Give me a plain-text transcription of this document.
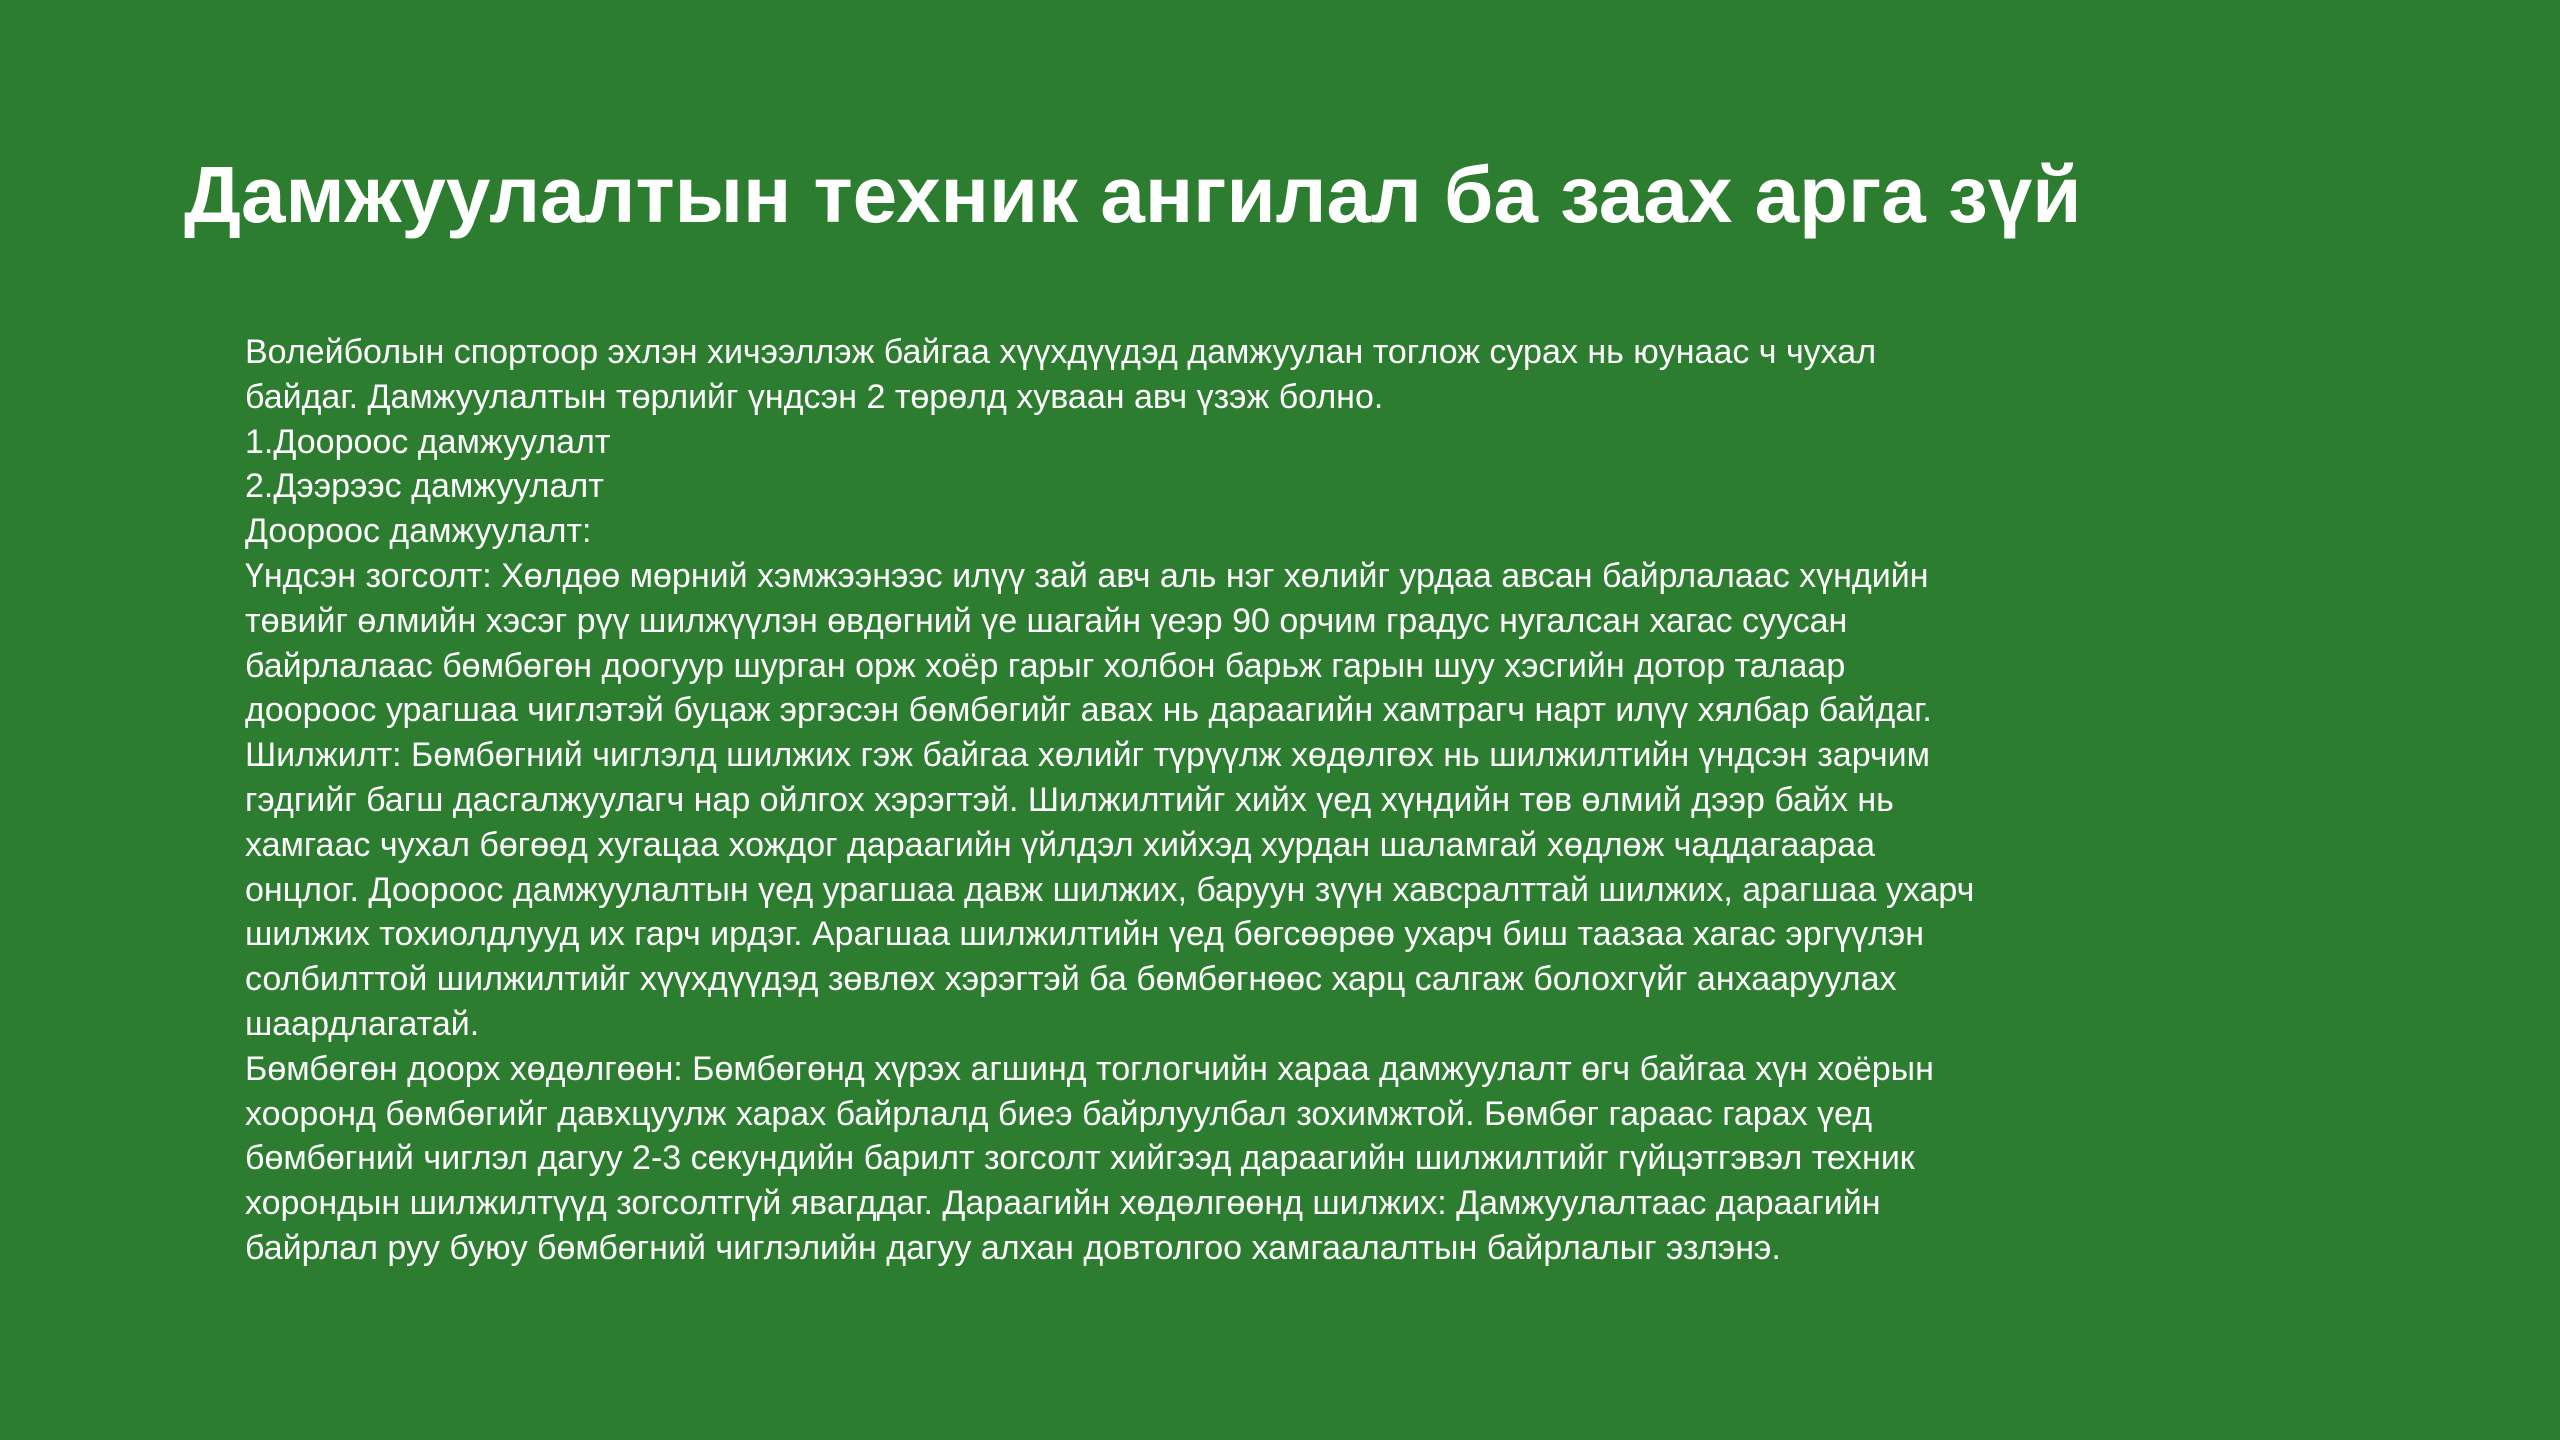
Дамжуулалтын техник ангилал ба заах арга зүй

Волейболын спортоор эхлэн хичээллэж байгаа хүүхдүүдэд дамжуулан тоглож сурах нь юунаас ч чухал

байдаг. Дамжуулалтын төрлийг үндсэн 2 төрөлд хуваан авч үзэж болно.

1.Доороос дамжуулалт

2.Дээрээс дамжуулалт

Доороос дамжуулалт:

Үндсэн зогсолт: Хөлдөө мөрний хэмжээнээс илүү зай авч аль нэг хөлийг урдаа авсан байрлалаас хүндийн

төвийг өлмийн хэсэг рүү шилжүүлэн өвдөгний үе шагайн үеэр 90 орчим градус нугалсан хагас суусан

байрлалаас бөмбөгөн доогуур шурган орж хоёр гарыг холбон барьж гарын шуу хэсгийн дотор талаар

доороос урагшаа чиглэтэй буцаж эргэсэн бөмбөгийг авах нь дараагийн хамтрагч нарт илүү хялбар байдаг.

Шилжилт: Бөмбөгний чиглэлд шилжих гэж байгаа хөлийг түрүүлж хөдөлгөх нь шилжилтийн үндсэн зарчим

гэдгийг багш дасгалжуулагч нар ойлгох хэрэгтэй. Шилжилтийг хийх үед хүндийн төв өлмий дээр байх нь

хамгаас чухал бөгөөд хугацаа хождог дараагийн үйлдэл хийхэд хурдан шаламгай хөдлөж чаддагаараа

онцлог. Доороос дамжуулалтын үед урагшаа давж шилжих, баруун зүүн хавсралттай шилжих, арагшаа ухарч

шилжих тохиолдлууд их гарч ирдэг. Арагшаа шилжилтийн үед бөгсөөрөө ухарч биш таазаа хагас эргүүлэн

солбилттой шилжилтийг хүүхдүүдэд зөвлөх хэрэгтэй ба бөмбөгнөөс харц салгаж болохгүйг анхааруулах

шаардлагатай.

Бөмбөгөн доорх хөдөлгөөн: Бөмбөгөнд хүрэх агшинд тоглогчийн хараа дамжуулалт өгч байгаа хүн хоёрын

хооронд бөмбөгийг давхцуулж харах байрлалд биеэ байрлуулбал зохимжтой. Бөмбөг гараас гарах үед

бөмбөгний чиглэл дагуу 2-3 секундийн барилт зогсолт хийгээд дараагийн шилжилтийг гүйцэтгэвэл техник

хорондын шилжилтүүд зогсолтгүй явагддаг. Дараагийн хөдөлгөөнд шилжих: Дамжуулалтаас дараагийн

байрлал руу буюу бөмбөгний чиглэлийн дагуу алхан довтолгоо хамгаалалтын байрлалыг эзлэнэ.
